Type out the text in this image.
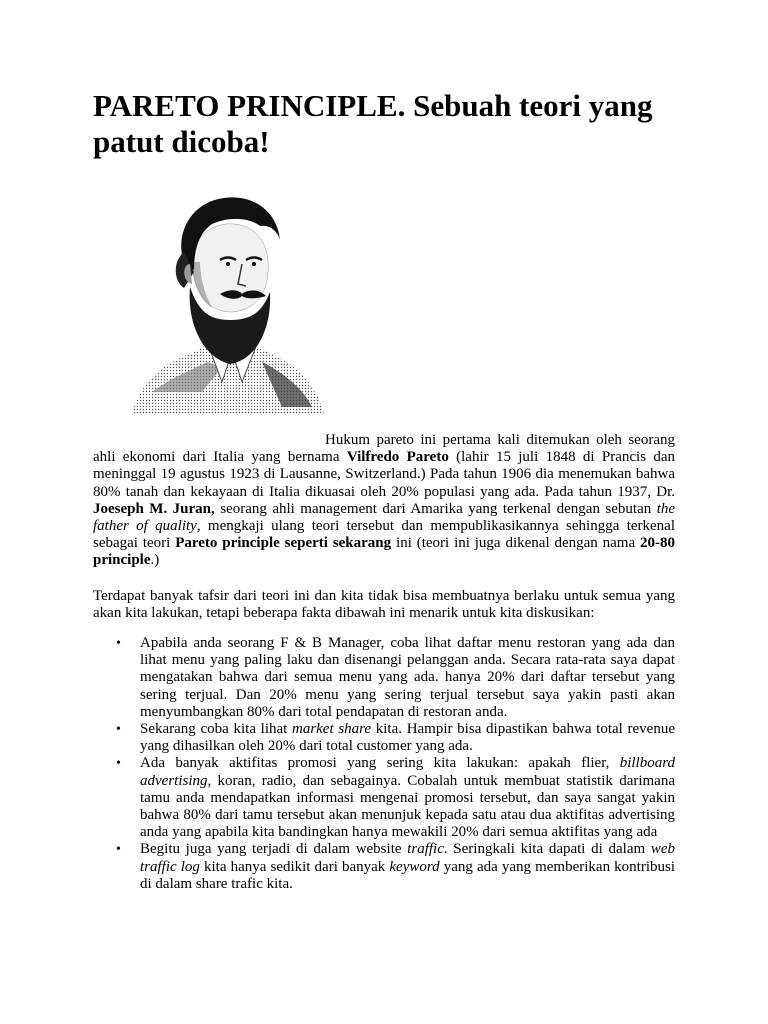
PARETO PRINCIPLE. Sebuah teori yang patut dicoba!

Hukum pareto ini pertama kali ditemukan oleh seorang ahli ekonomi dari Italia yang bernama Vilfredo Pareto (lahir 15 juli 1848 di Prancis dan meninggal 19 agustus 1923 di Lausanne, Switzerland.) Pada tahun 1906 dia menemukan bahwa 80% tanah dan kekayaan di Italia dikuasai oleh 20% populasi yang ada. Pada tahun 1937, Dr. Joeseph M. Juran, seorang ahli management dari Amarika yang terkenal dengan sebutan the father of quality, mengkaji ulang teori tersebut dan mempublikasikannya sehingga terkenal sebagai teori Pareto principle seperti sekarang ini (teori ini juga dikenal dengan nama 20-80 principle.)

Terdapat banyak tafsir dari teori ini dan kita tidak bisa membuatnya berlaku untuk semua yang akan kita lakukan, tetapi beberapa fakta dibawah ini menarik untuk kita diskusikan:

• Apabila anda seorang F & B Manager, coba lihat daftar menu restoran yang ada dan lihat menu yang paling laku dan disenangi pelanggan anda. Secara rata-rata saya dapat mengatakan bahwa dari semua menu yang ada. hanya 20% dari daftar tersebut yang sering terjual. Dan 20% menu yang sering terjual tersebut saya yakin pasti akan menyumbangkan 80% dari total pendapatan di restoran anda.
• Sekarang coba kita lihat market share kita. Hampir bisa dipastikan bahwa total revenue yang dihasilkan oleh 20% dari total customer yang ada.
• Ada banyak aktifitas promosi yang sering kita lakukan: apakah flier, billboard advertising, koran, radio, dan sebagainya. Cobalah untuk membuat statistik darimana tamu anda mendapatkan informasi mengenai promosi tersebut, dan saya sangat yakin bahwa 80% dari tamu tersebut akan menunjuk kepada satu atau dua aktifitas advertising anda yang apabila kita bandingkan hanya mewakili 20% dari semua aktifitas yang ada
• Begitu juga yang terjadi di dalam website traffic. Seringkali kita dapati di dalam web traffic log kita hanya sedikit dari banyak keyword yang ada yang memberikan kontribusi di dalam share trafic kita.
